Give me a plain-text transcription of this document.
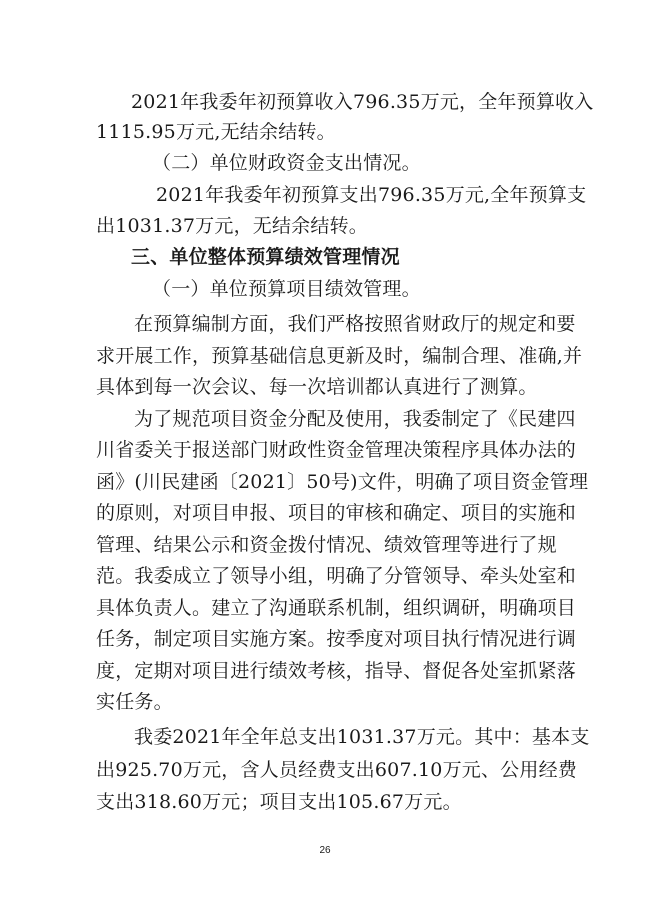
2021年我委年初预算收入796.35万元，全年预算收入
1115.95万元,无结余结转。
（二）单位财政资金支出情况。
2021年我委年初预算支出796.35万元,全年预算支
出1031.37万元，无结余结转。
三、单位整体预算绩效管理情况
（一）单位预算项目绩效管理。
在预算编制方面，我们严格按照省财政厅的规定和要
求开展工作，预算基础信息更新及时，编制合理、准确,并
具体到每一次会议、每一次培训都认真进行了测算。
为了规范项目资金分配及使用，我委制定了《民建四
川省委关于报送部门财政性资金管理决策程序具体办法的
函》(川民建函〔2021〕50号)文件，明确了项目资金管理
的原则，对项目申报、项目的审核和确定、项目的实施和
管理、结果公示和资金拨付情况、绩效管理等进行了规
范。我委成立了领导小组，明确了分管领导、牵头处室和
具体负责人。建立了沟通联系机制，组织调研，明确项目
任务，制定项目实施方案。按季度对项目执行情况进行调
度，定期对项目进行绩效考核，指导、督促各处室抓紧落
实任务。
我委2021年全年总支出1031.37万元。其中：基本支
出925.70万元，含人员经费支出607.10万元、公用经费
支出318.60万元；项目支出105.67万元。
26
